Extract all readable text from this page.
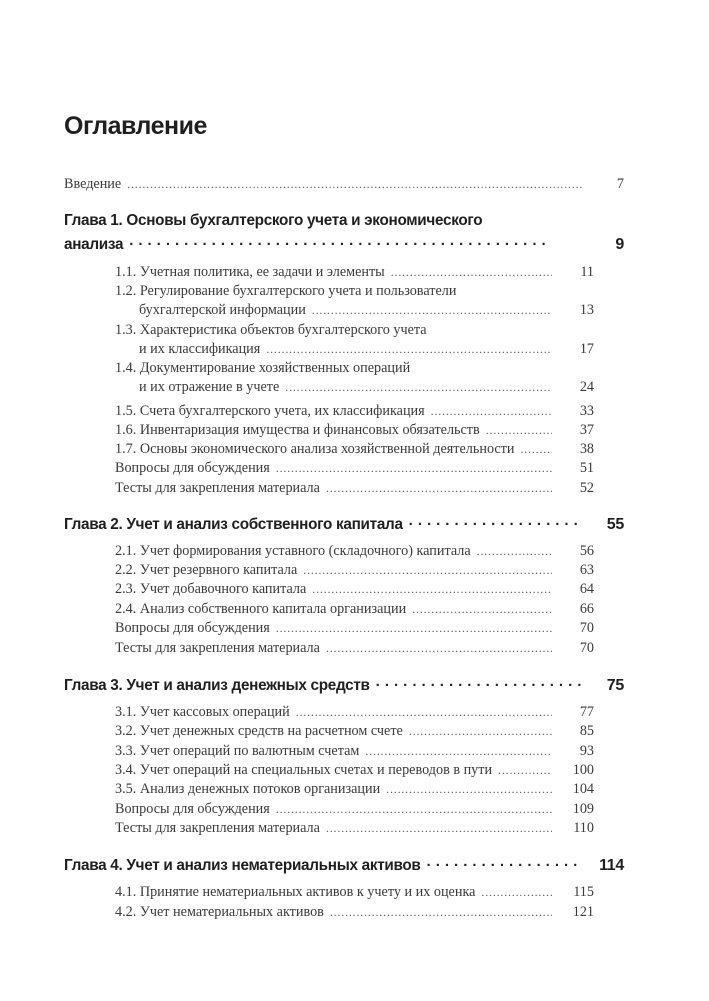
Оглавление
Введение . . .	7
Глава 1. Основы бухгалтерского учета и экономического
анализа · · ·	9
1.1. Учетная политика, ее задачи и элементы . . .	11
1.2. Регулирование бухгалтерского учета и пользователи
бухгалтерской информации . . .	13
1.3. Характеристика объектов бухгалтерского учета
и их классификация . . .	17
1.4. Документирование хозяйственных операций
и их отражение в учете . . .	24
1.5. Счета бухгалтерского учета, их классификация . . .	33
1.6. Инвентаризация имущества и финансовых обязательств . . .	37
1.7. Основы экономического анализа хозяйственной деятельности . . .	38
Вопросы для обсуждения . . .	51
Тесты для закрепления материала . . .	52
Глава 2. Учет и анализ собственного капитала · · ·	55
2.1. Учет формирования уставного (складочного) капитала . . .	56
2.2. Учет резервного капитала . . .	63
2.3. Учет добавочного капитала . . .	64
2.4. Анализ собственного капитала организации . . .	66
Вопросы для обсуждения . . .	70
Тесты для закрепления материала . . .	70
Глава 3. Учет и анализ денежных средств · · ·	75
3.1. Учет кассовых операций . . .	77
3.2. Учет денежных средств на расчетном счете . . .	85
3.3. Учет операций по валютным счетам . . .	93
3.4. Учет операций на специальных счетах и переводов в пути . . .	100
3.5. Анализ денежных потоков организации . . .	104
Вопросы для обсуждения . . .	109
Тесты для закрепления материала . . .	110
Глава 4. Учет и анализ нематериальных активов · · ·	114
4.1. Принятие нематериальных активов к учету и их оценка . . .	115
4.2. Учет нематериальных активов . . .	121
